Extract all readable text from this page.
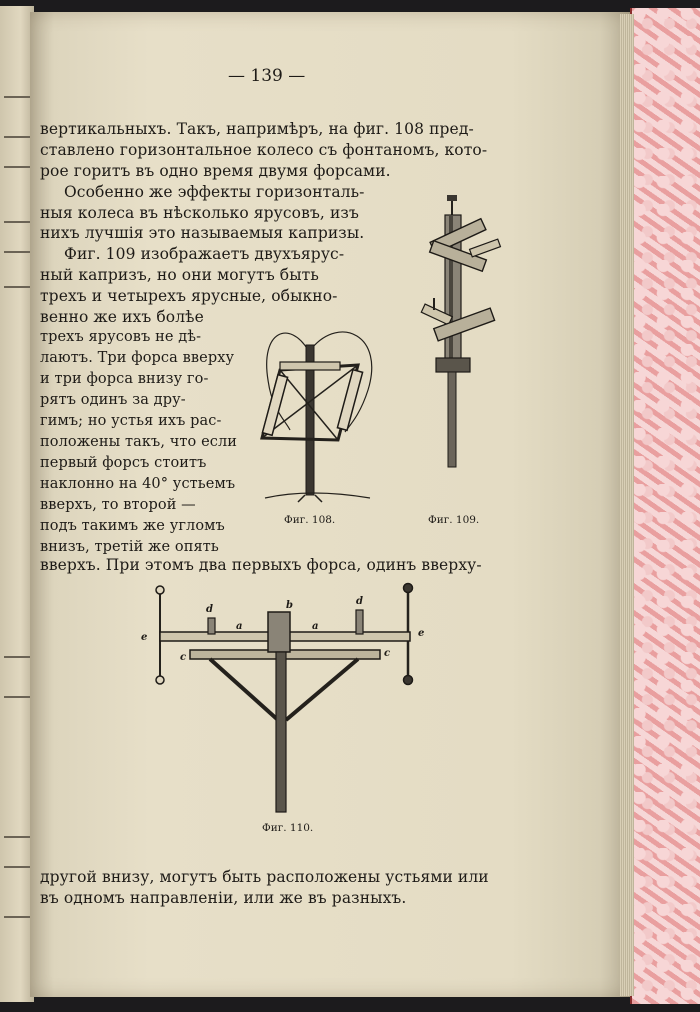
— 139 —
вертикальныхъ. Такъ, напримѣръ, на фиг. 108 пред-
ставлено горизонтальное колесо съ фонтаномъ, кото-
рое горитъ въ одно время двумя форсами.
Особенно же эффекты горизонталь-
ныя колеса въ нѣсколько ярусовъ, изъ
нихъ лучшія это называемыя капризы.
Фиг. 109 изображаетъ двухъярус-
ный капризъ, но они могутъ быть
трехъ и четырехъ ярусные, обыкно-
венно же ихъ болѣе
трехъ ярусовъ не дѣ-
лаютъ. Три форса вверху
и три форса внизу го-
рятъ одинъ за дру-
гимъ; но устья ихъ рас-
положены такъ, что если
первый форсъ стоитъ
наклонно на 40° устьемъ
вверхъ, то второй —
подъ такимъ же угломъ
внизъ, третій же опять
вверхъ. При этомъ два первыхъ форса, одинъ вверху-
другой внизу, могутъ быть расположены устьями или
въ одномъ направленіи, или же въ разныхъ.
Фиг. 108.	Фиг. 109.
e	e
d
d
a	a
b
c	c
Фиг. 110.
